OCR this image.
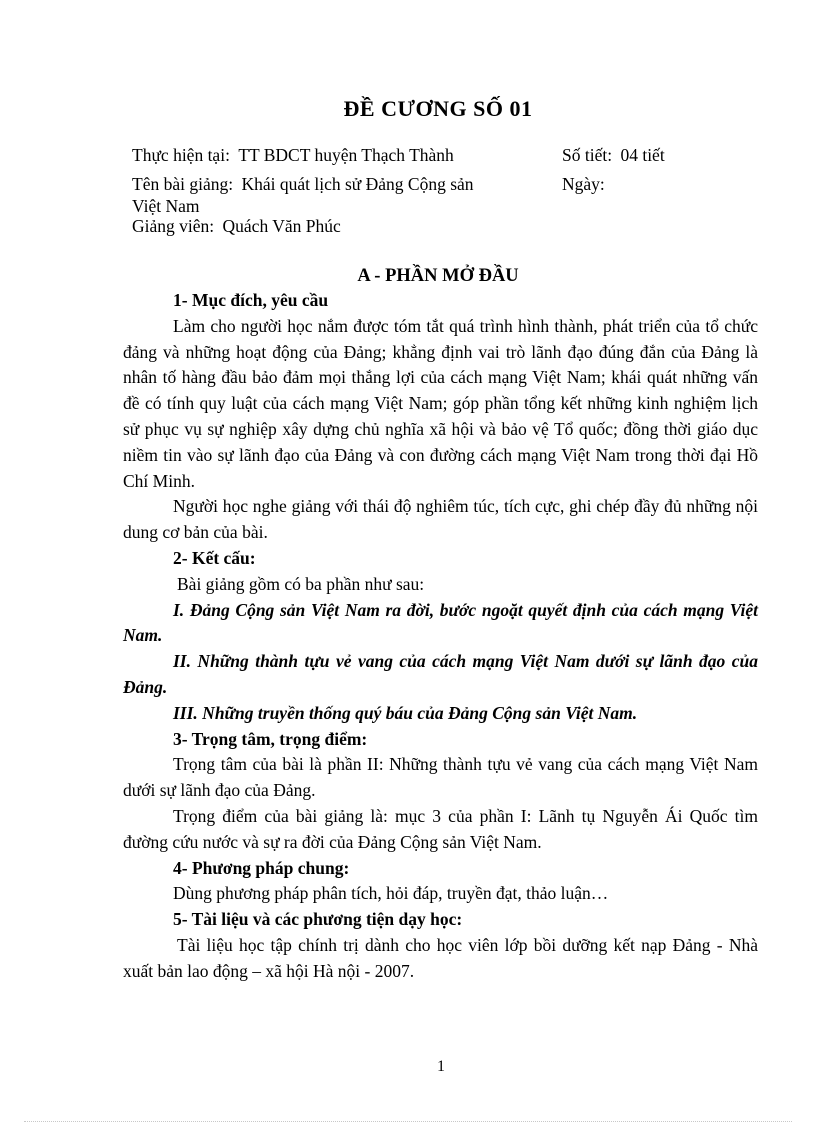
ĐỀ CƯƠNG SỐ 01
Thực hiện tại: TT BDCT huyện Thạch Thành	Số tiết: 04 tiết
Tên bài giảng: Khái quát lịch sử Đảng Cộng sản
Việt Nam
Ngày:
Giảng viên: Quách Văn Phúc
A - PHẦN MỞ ĐẦU

1- Mục đích, yêu cầu

Làm cho người học nắm được tóm tắt quá trình hình thành, phát triển của tổ chức đảng và những hoạt động của Đảng; khẳng định vai trò lãnh đạo đúng đắn của Đảng là nhân tố hàng đầu bảo đảm mọi thắng lợi của cách mạng Việt Nam; khái quát những vấn đề có tính quy luật của cách mạng Việt Nam; góp phần tổng kết những kinh nghiệm lịch sử phục vụ sự nghiệp xây dựng chủ nghĩa xã hội và bảo vệ Tổ quốc; đồng thời giáo dục niềm tin vào sự lãnh đạo của Đảng và con đường cách mạng Việt Nam trong thời đại Hồ Chí Minh.

Người học nghe giảng với thái độ nghiêm túc, tích cực, ghi chép đầy đủ những nội dung cơ bản của bài.

2- Kết cấu:

Bài giảng gồm có ba phần như sau:

I. Đảng Cộng sản Việt Nam ra đời, bước ngoặt quyết định của cách mạng Việt Nam.

II. Những thành tựu vẻ vang của cách mạng Việt Nam dưới sự lãnh đạo của Đảng.

III. Những truyền thống quý báu của Đảng Cộng sản Việt Nam.

3- Trọng tâm, trọng điểm:

Trọng tâm của bài là phần II: Những thành tựu vẻ vang của cách mạng Việt Nam dưới sự lãnh đạo của Đảng.

Trọng điểm của bài giảng là: mục 3 của phần I: Lãnh tụ Nguyễn Ái Quốc tìm đường cứu nước và sự ra đời của Đảng Cộng sản Việt Nam.

4- Phương pháp chung:

Dùng phương pháp phân tích, hỏi đáp, truyền đạt, thảo luận…

5- Tài liệu và các phương tiện dạy học:

Tài liệu học tập chính trị dành cho học viên lớp bồi dưỡng kết nạp Đảng - Nhà xuất bản lao động – xã hội Hà nội - 2007.

1
